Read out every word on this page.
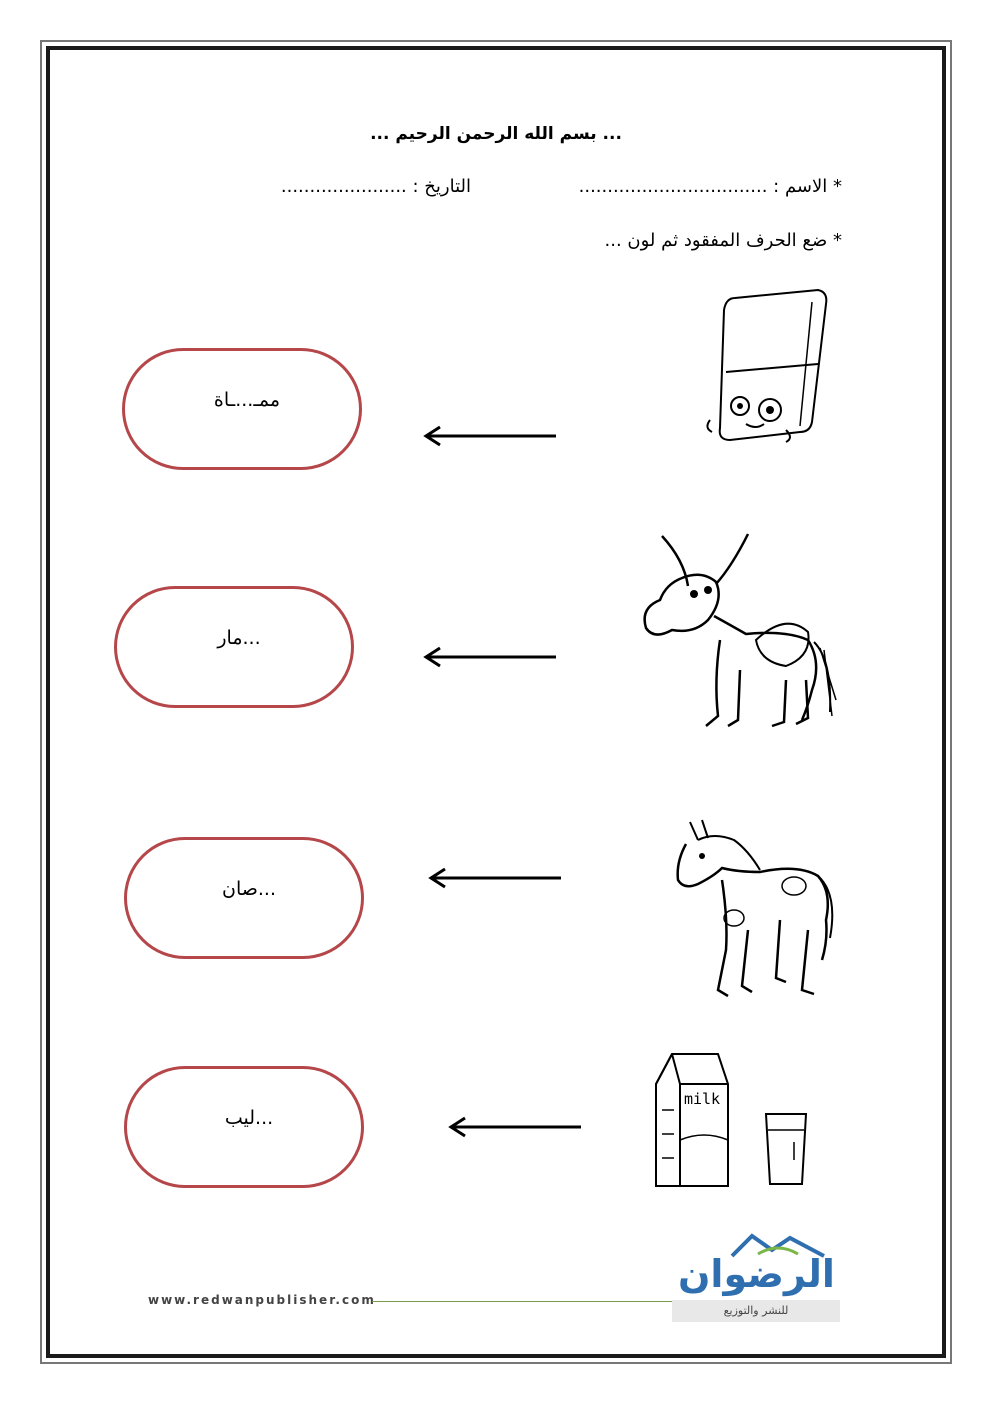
... بسم الله الرحمن الرحيم ...
* الاسم : .................................
التاريخ : ......................
* ضع الحرف المفقود ثم لون ...
ممـ...ـاة
...مار
...صان
...ليب
milk
www.redwanpublisher.com
الرضوان
للنشر والتوزيع
